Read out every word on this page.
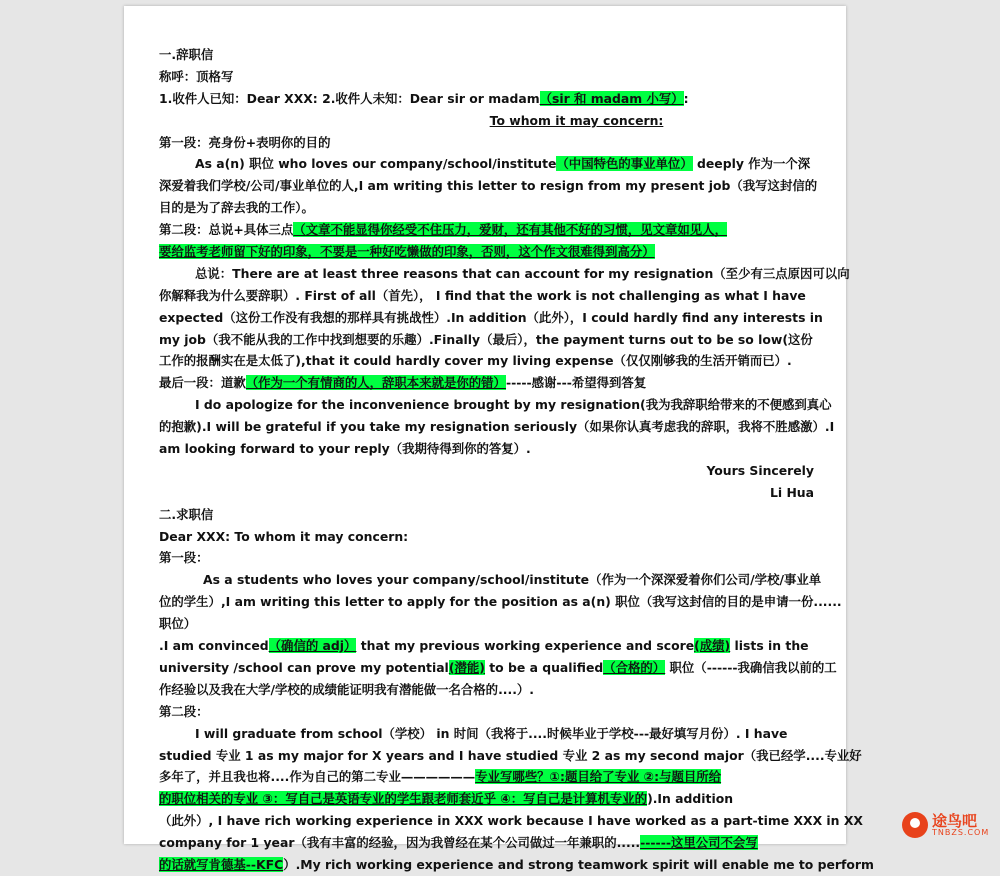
一.辞职信
称呼：顶格写
1.收件人已知：Dear XXX: 2.收件人未知：Dear sir or madam（sir 和 madam 小写）:
To whom it may concern:
第一段：亮身份+表明你的目的
As a(n) 职位 who loves our company/school/institute（中国特色的事业单位） deeply 作为一个深
深爱着我们学校/公司/事业单位的人,I am writing this letter to resign from my present job（我写这封信的
目的是为了辞去我的工作）。
第二段：总说+具体三点（文章不能显得你经受不住压力，爱财，还有其他不好的习惯，见文章如见人，
要给监考老师留下好的印象，不要是一种好吃懒做的印象，否则，这个作文很难得到高分）
总说：There are at least three reasons that can account for my resignation（至少有三点原因可以向
你解释我为什么要辞职）. First of all（首先）， I find that the work is not challenging as what I have
expected（这份工作没有我想的那样具有挑战性）.In addition（此外），I could hardly find any interests in
my job（我不能从我的工作中找到想要的乐趣）.Finally（最后），the payment turns out to be so low(这份
工作的报酬实在是太低了),that it could hardly cover my living expense（仅仅刚够我的生活开销而已）.
最后一段：道歉（作为一个有情商的人，辞职本来就是你的错）-----感谢---希望得到答复
I do apologize for the inconvenience brought by my resignation(我为我辞职给带来的不便感到真心
的抱歉).I will be grateful if you take my resignation seriously（如果你认真考虑我的辞职，我将不胜感激）.I
am looking forward to your reply（我期待得到你的答复）.
Yours Sincerely
Li Hua
二.求职信
Dear XXX: To whom it may concern:
第一段：
As a students who loves your company/school/institute（作为一个深深爱着你们公司/学校/事业单
位的学生）,I am writing this letter to apply for the position as a(n) 职位（我写这封信的目的是申请一份......
职位）
.I am convinced（确信的 adj） that my previous working experience and score(成绩) lists in the
university /school can prove my potential(潜能) to be a qualified（合格的） 职位（------我确信我以前的工
作经验以及我在大学/学校的成绩能证明我有潜能做一名合格的....）.
第二段：
I will graduate from school（学校） in 时间（我将于....时候毕业于学校---最好填写月份）. I have
studied 专业 1 as my major for X years and I have studied 专业 2 as my second major（我已经学....专业好
多年了，并且我也将....作为自己的第二专业——————专业写哪些？①:题目给了专业 ②:与题目所给
的职位相关的专业 ③：写自己是英语专业的学生跟老师套近乎 ④：写自己是计算机专业的).In addition
（此外）, I have rich working experience in XXX work because I have worked as a part-time XXX in XX
company for 1 year（我有丰富的经验，因为我曾经在某个公司做过一年兼职的.....------这里公司不会写
的话就写肯德基--KFC）.My rich working experience and strong teamwork spirit will enable me to perform
途鸟吧
TNBZS.COM
